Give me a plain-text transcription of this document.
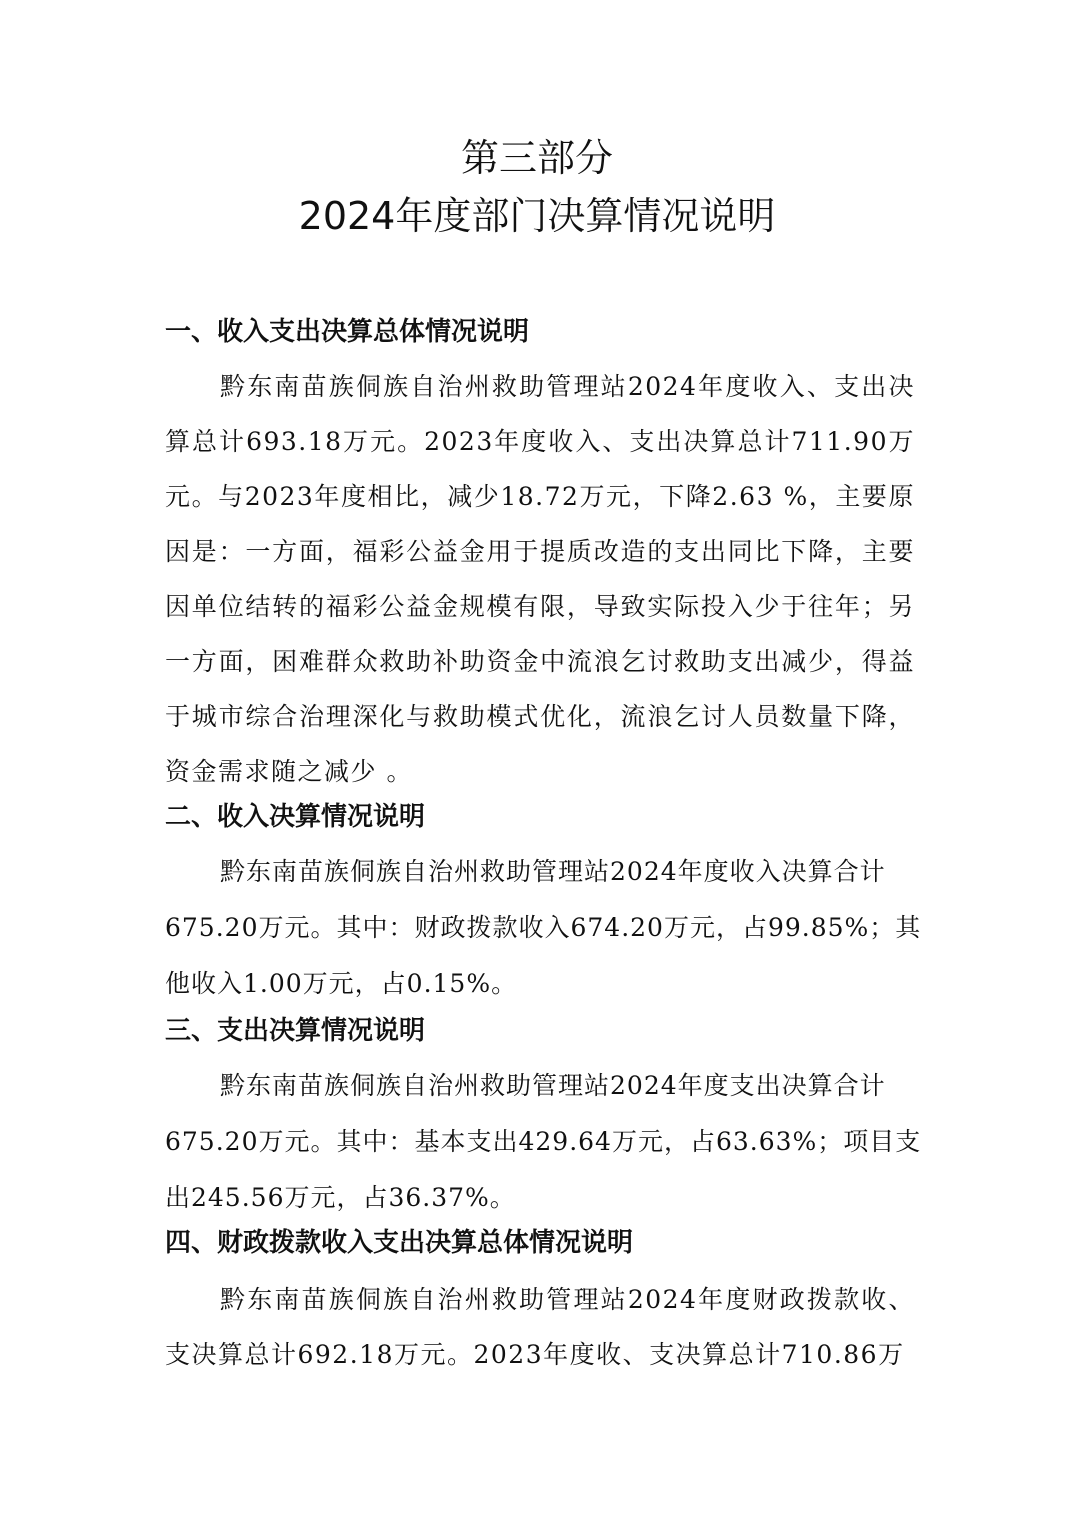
第三部分
2024年度部门决算情况说明
一、收入支出决算总体情况说明
黔东南苗族侗族自治州救助管理站2024年度收入、支出决算总计693.18万元。2023年度收入、支出决算总计711.90万元。与2023年度相比，减少18.72万元，下降2.63 %，主要原因是：一方面，福彩公益金用于提质改造的支出同比下降，主要因单位结转的福彩公益金规模有限，导致实际投入少于往年；另一方面，困难群众救助补助资金中流浪乞讨救助支出减少，得益于城市综合治理深化与救助模式优化，流浪乞讨人员数量下降，资金需求随之减少 。
二、收入决算情况说明
黔东南苗族侗族自治州救助管理站2024年度收入决算合计675.20万元。其中：财政拨款收入674.20万元，占99.85%；其他收入1.00万元，占0.15%。
三、支出决算情况说明
黔东南苗族侗族自治州救助管理站2024年度支出决算合计675.20万元。其中：基本支出429.64万元，占63.63%；项目支出245.56万元，占36.37%。
四、财政拨款收入支出决算总体情况说明
黔东南苗族侗族自治州救助管理站2024年度财政拨款收、支决算总计692.18万元。2023年度收、支决算总计710.86万
